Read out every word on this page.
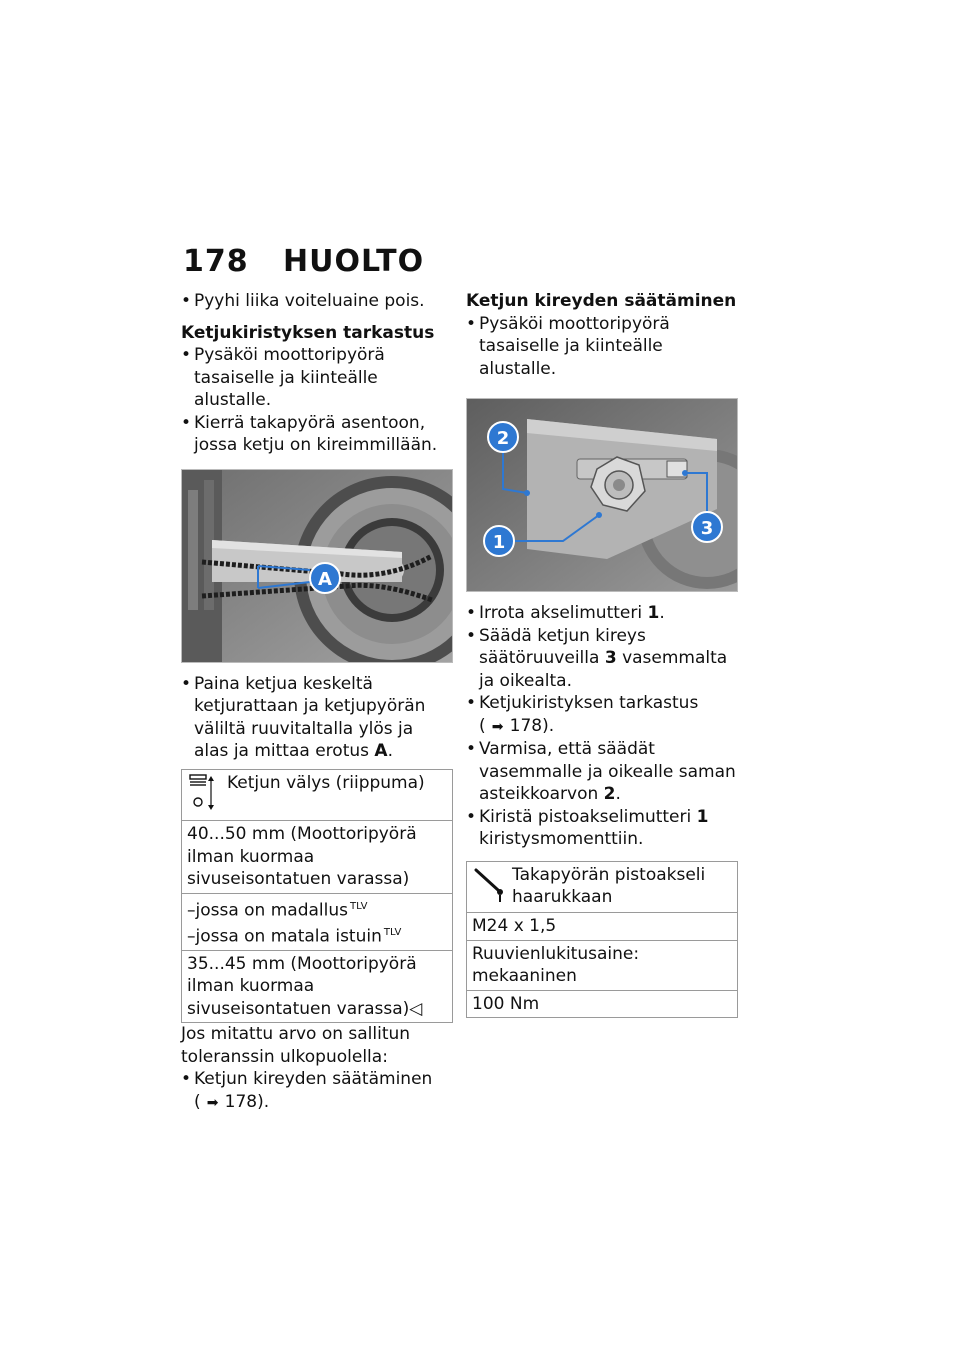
178 HUOLTO

• Pyyhi liika voiteluaine pois.

Ketjukiristyksen tarkastus

• Pysäköi moottoripyörä tasaiselle ja kiinteälle alustalle.

• Kierrä takapyörä asentoon, jossa ketju on kireimmillään.

A

• Paina ketjua keskeltä ketjurattaan ja ketjupyörän väliltä ruuvitaltalla ylös ja alas ja mittaa erotus A.

Ketjun välys (riippuma)

40...50 mm (Moottoripyörä ilman kuormaa sivuseisontatuen varassa)

–jossa on madallus $^{TLV}$
–jossa on matala istuin $^{TLV}$

35...45 mm (Moottoripyörä ilman kuormaa sivuseisontatuen varassa)◁

Jos mitattu arvo on sallitun toleranssin ulkopuolella:

• Ketjun kireyden säätäminen
( ➡ 178).

Ketjun kireyden säätäminen

• Pysäköi moottoripyörä tasaiselle ja kiinteälle alustalle.

2
1
3

• Irrota akselimutteri 1.

• Säädä ketjun kireys säätöruuveilla 3 vasemmalta ja oikealta.

• Ketjukiristyksen tarkastus
( ➡ 178).

• Varmisa, että säädät vasemmalle ja oikealle saman asteikkoarvon 2.

• Kiristä pistoakselimutteri 1 kiristysmomenttiin.

Takapyörän pistoakseli haarukkaan

M24 x 1,5
Ruuvienlukitusaine: mekaaninen
100 Nm
